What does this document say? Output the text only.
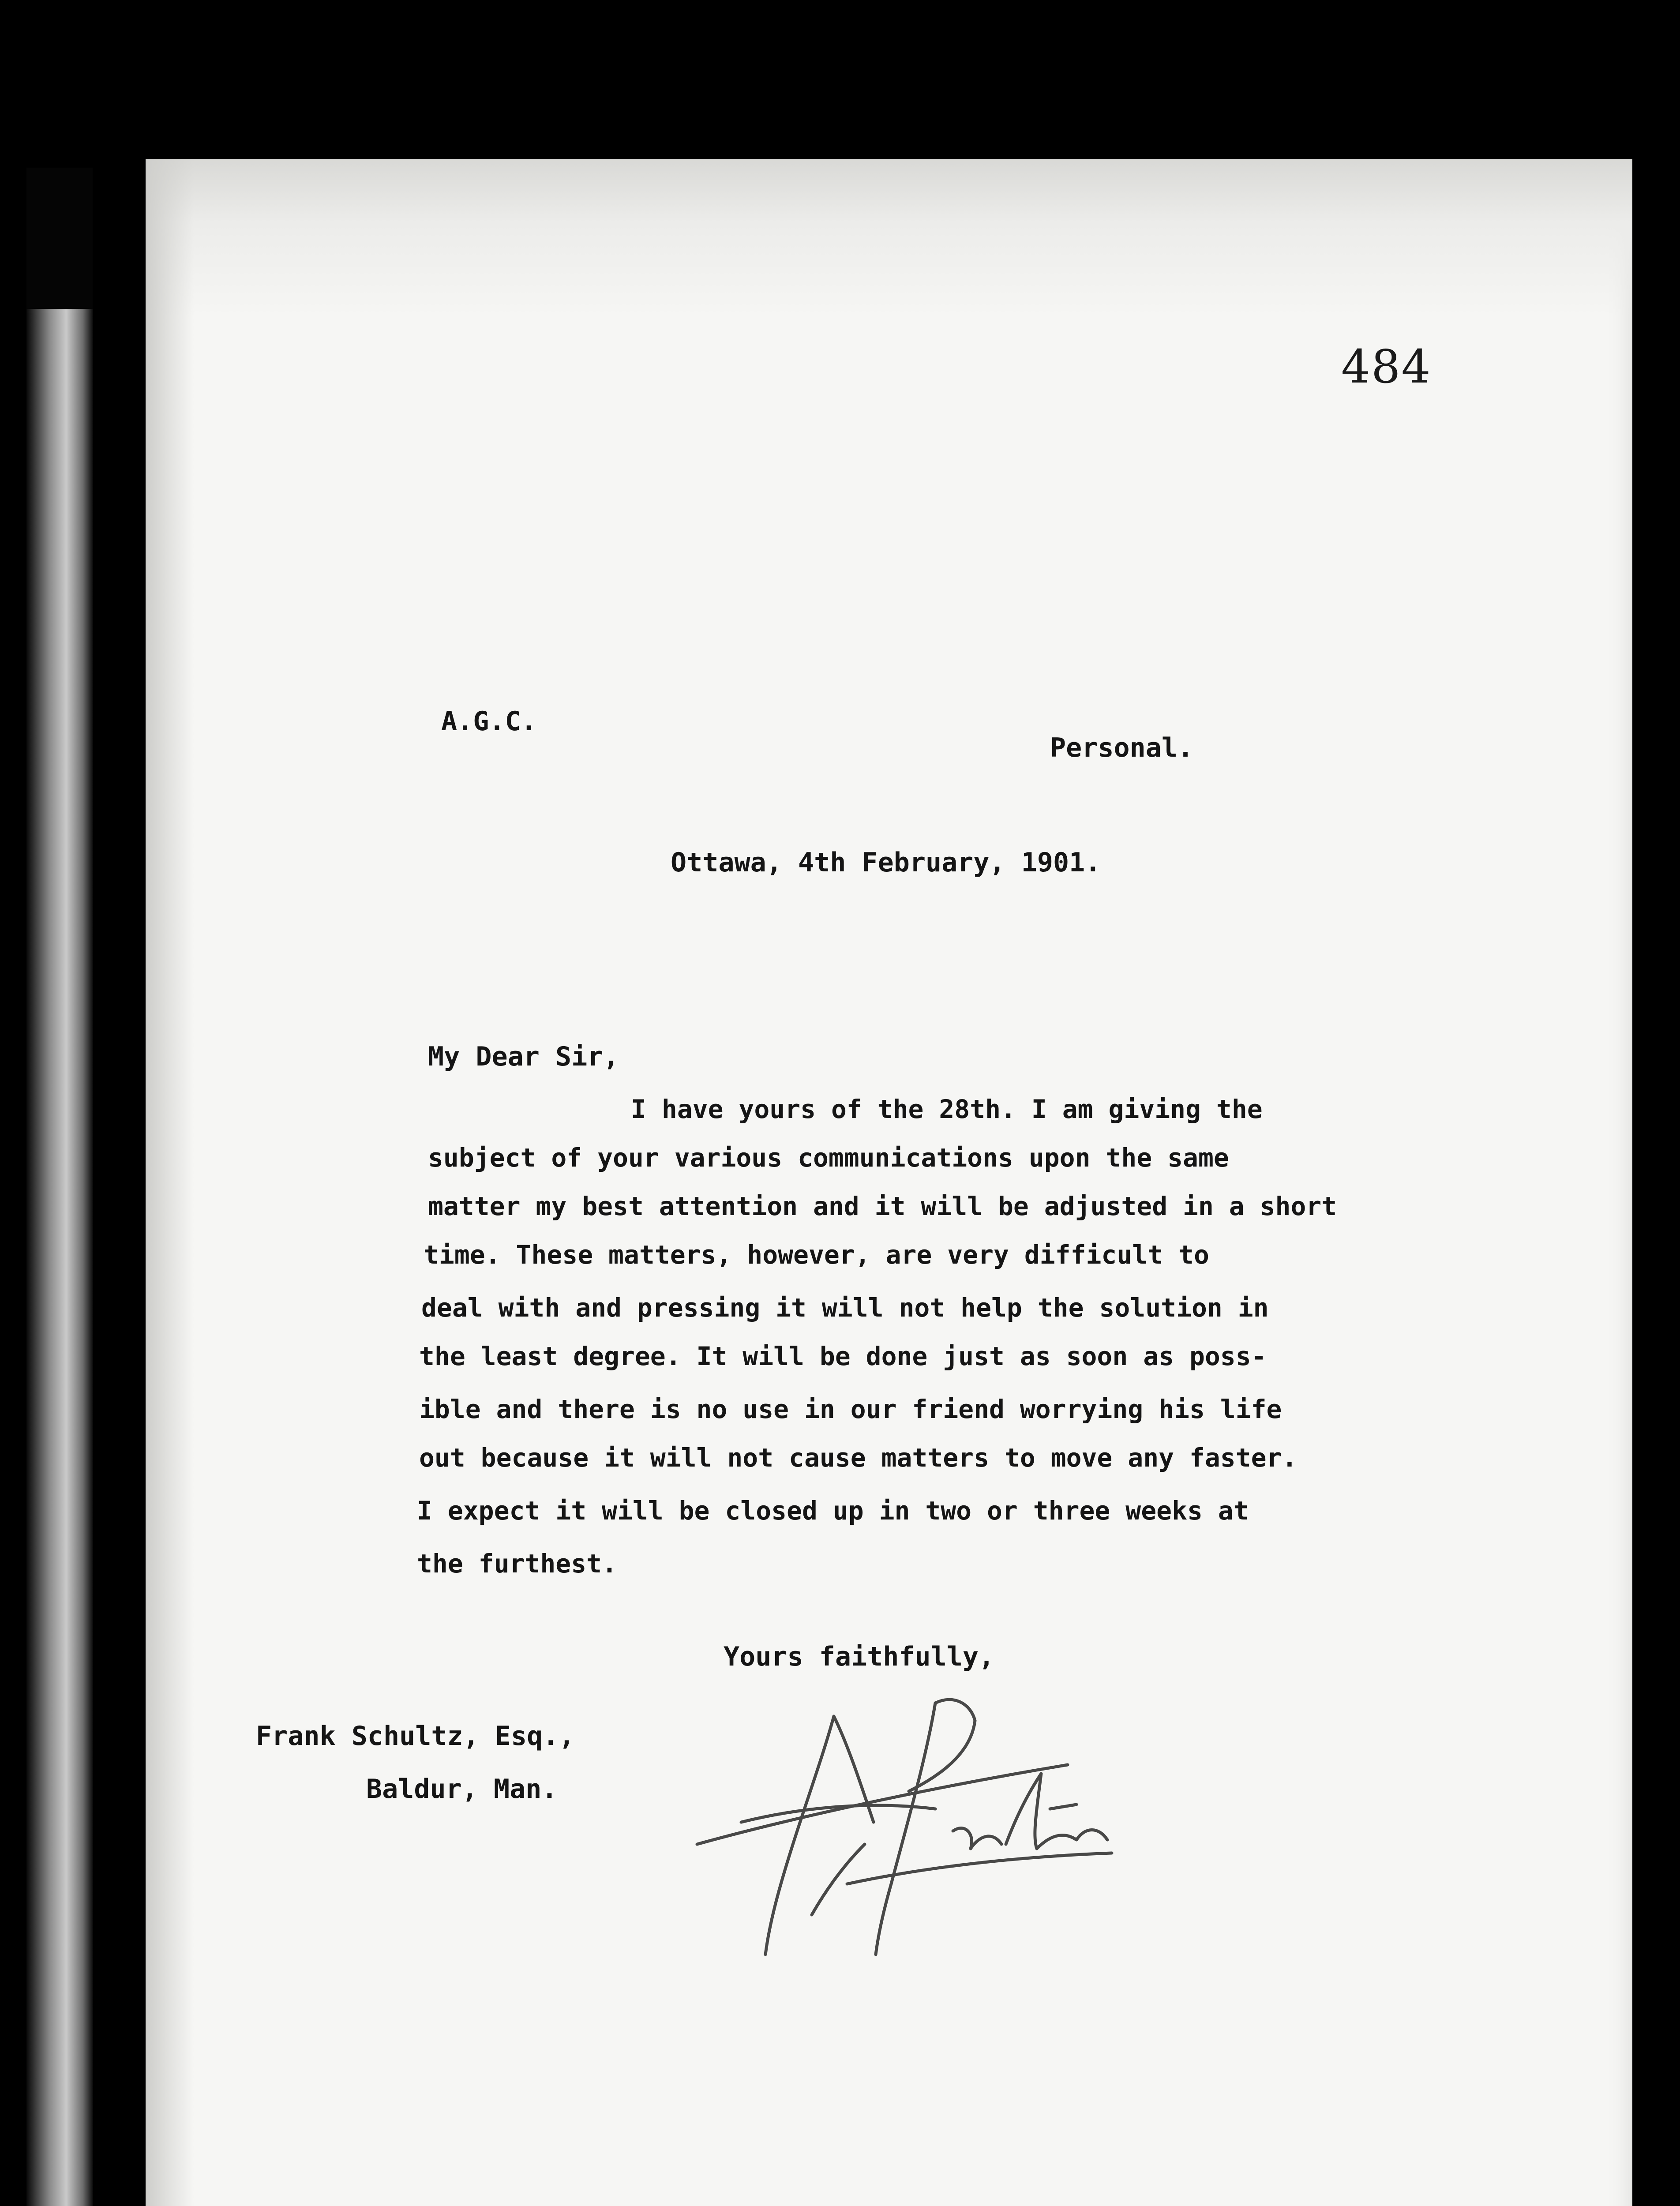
484
A.G.C.
Personal.
Ottawa, 4th February, 1901.
My Dear Sir,
I have yours of the 28th. I am giving the
subject of your various communications upon the same
matter my best attention and it will be adjusted in a short
time. These matters, however, are very difficult to
deal with and pressing it will not help the solution in
the least degree. It will be done just as soon as poss-
ible and there is no use in our friend worrying his life
out because it will not cause matters to move any faster.
I expect it will be closed up in two or three weeks at
the furthest.
Yours faithfully,
Frank Schultz, Esq.,
Baldur, Man.
